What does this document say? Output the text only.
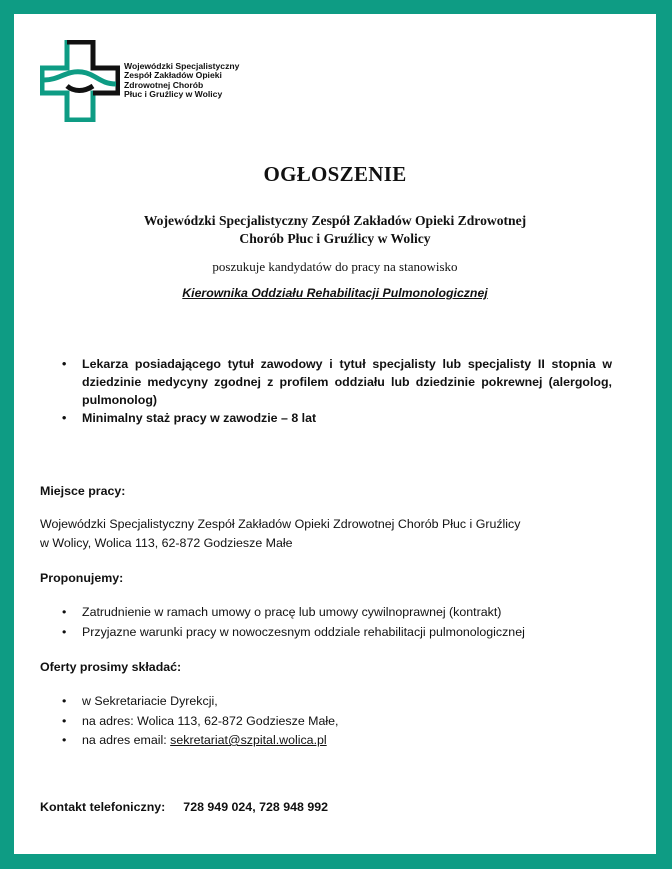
Wojewódzki Specjalistyczny
Zespół Zakładów Opieki
Zdrowotnej Chorób
Płuc i Gruźlicy w Wolicy
OGŁOSZENIE
Wojewódzki Specjalistyczny Zespół Zakładów Opieki Zdrowotnej
Chorób Płuc i Gruźlicy w Wolicy
poszukuje kandydatów do pracy na stanowisko
Kierownika Oddziału Rehabilitacji Pulmonologicznej
• Lekarza posiadającego tytuł zawodowy i tytuł specjalisty lub specjalisty II stopnia w dziedzinie medycyny zgodnej z profilem oddziału lub dziedzinie pokrewnej (alergolog, pulmonolog)
• Minimalny staż pracy w zawodzie – 8 lat
Miejsce pracy:
Wojewódzki Specjalistyczny Zespół Zakładów Opieki Zdrowotnej Chorób Płuc i Gruźlicy
w Wolicy, Wolica 113, 62-872 Godziesze Małe
Proponujemy:
• Zatrudnienie w ramach umowy o pracę lub umowy cywilnoprawnej (kontrakt)
• Przyjazne warunki pracy w nowoczesnym oddziale rehabilitacji pulmonologicznej
Oferty prosimy składać:
• w Sekretariacie Dyrekcji,
• na adres: Wolica 113, 62-872 Godziesze Małe,
• na adres email: sekretariat@szpital.wolica.pl
Kontakt telefoniczny: 728 949 024, 728 948 992
